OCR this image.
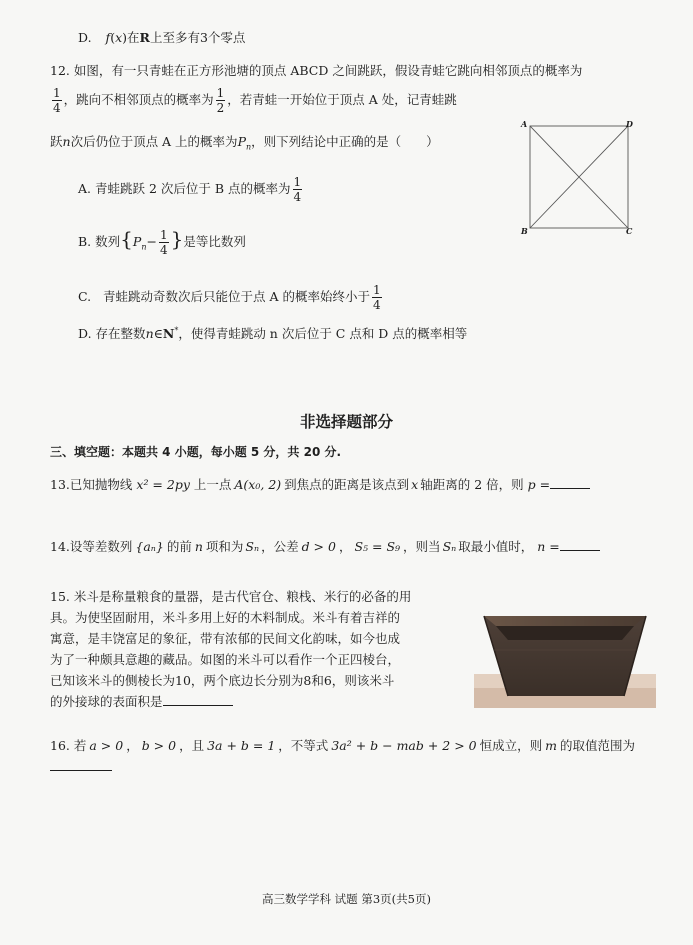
D. f(x)在R上至多有3个零点
12. 如图，有一只青蛙在正方形池塘的顶点 ABCD 之间跳跃，假设青蛙它跳向相邻顶点的概率为
$\frac{1}{4}$ ，跳向不相邻顶点的概率为 $\frac{1}{2}$ ，若青蛙一开始位于顶点 A 处，记青蛙跳
跃n次后仍位于顶点 A 上的概率为$P_n$，则下列结论中正确的是（　　）
A	D
B	C
A. 青蛙跳跃 2 次后位于 B 点的概率为 $\frac{1}{4}$
B. 数列{$P_n- \frac{1}{4}$ }是等比数列
C. 青蛙跳动奇数次后只能位于点 A 的概率始终小于 $\frac{1}{4}$
D. 存在整数n∈N*，使得青蛙跳动 n 次后位于 C 点和 D 点的概率相等
非选择题部分
三、填空题：本题共 4 小题，每小题 5 分，共 20 分.
13.已知抛物线 x² = 2py 上一点 A(x₀, 2) 到焦点的距离是该点到 x 轴距离的 2 倍，则 p =
14.设等差数列 {aₙ} 的前 n 项和为 Sₙ ，公差 d > 0 ， S₅ = S₉ ，则当 Sₙ 取最小值时， n =
15. 米斗是称量粮食的量器，是古代官仓、粮栈、米行的必备的用
具。为使坚固耐用，米斗多用上好的木料制成。米斗有着吉祥的
寓意，是丰饶富足的象征，带有浓郁的民间文化韵味，如今也成
为了一种颇具意趣的藏品。如图的米斗可以看作一个正四棱台，
已知该米斗的侧棱长为10，两个底边长分别为8和6，则该米斗
的外接球的表面积是
16. 若 a > 0 ， b > 0 ，且 3a + b = 1 ，不等式 3a² + b − mab + 2 > 0 恒成立，则 m 的取值范围为
高三数学学科 试题 第3页(共5页)
